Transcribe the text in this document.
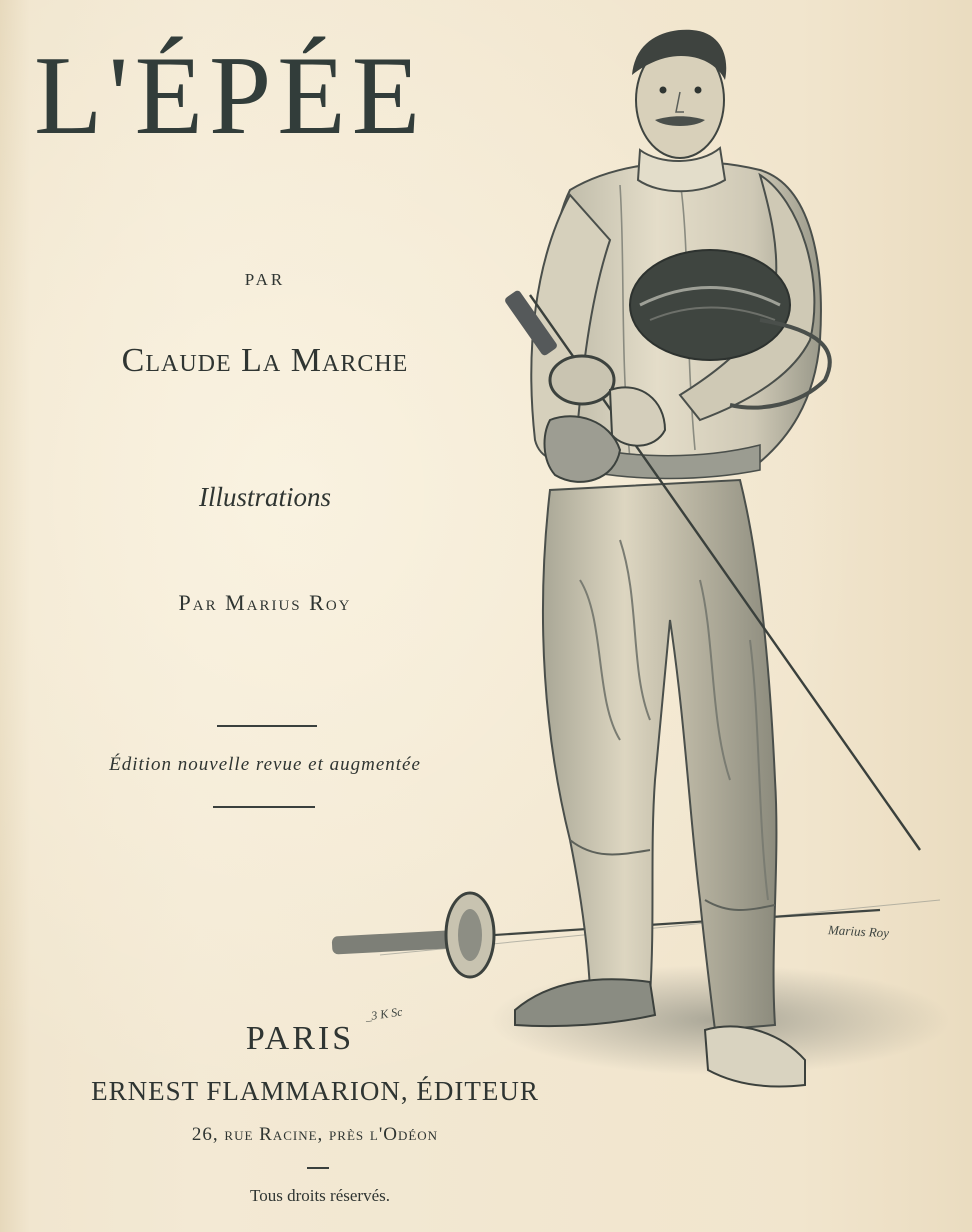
L'ÉPÉE
PAR
Claude La Marche
Illustrations
Par Marius Roy
Édition nouvelle revue et augmentée
Marius Roy
_3 K Sc
PARIS
ERNEST FLAMMARION, ÉDITEUR
26, rue Racine, près l'Odéon
Tous droits réservés.
